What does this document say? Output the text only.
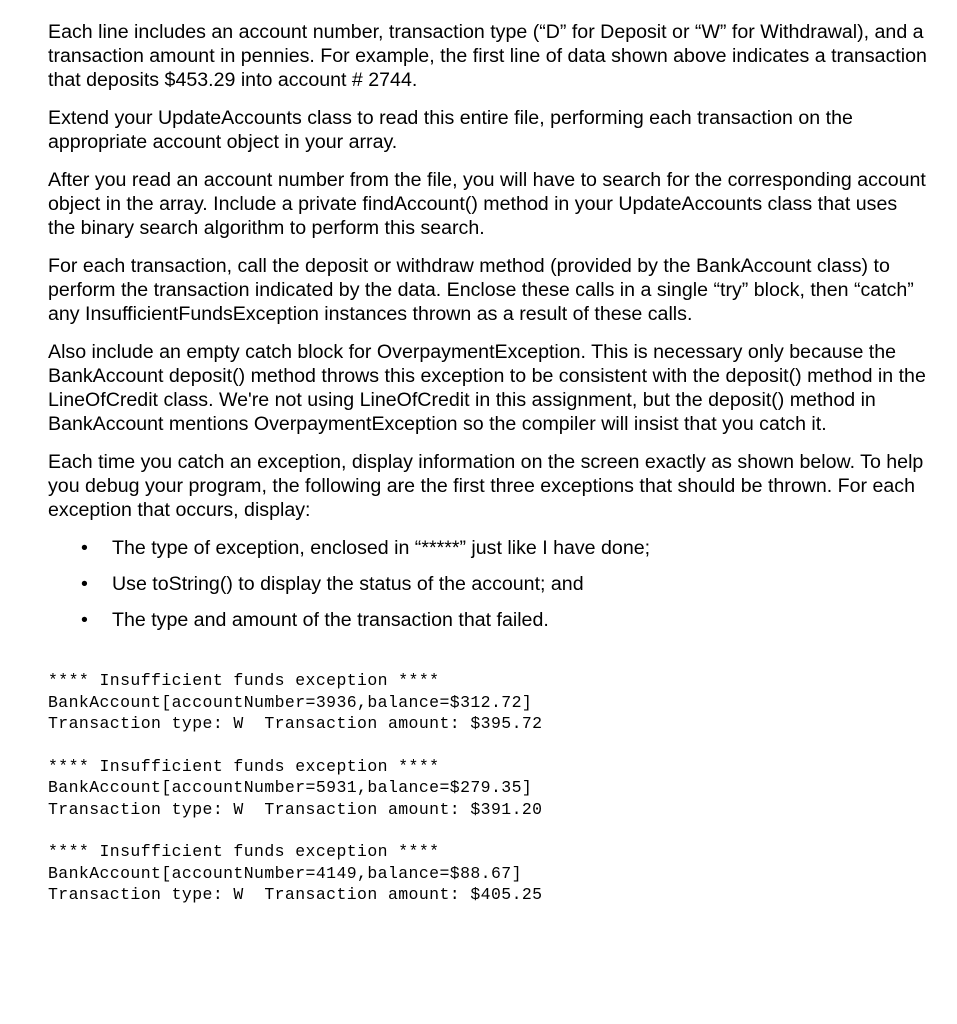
Each line includes an account number, transaction type (“D” for Deposit or “W” for Withdrawal), and a transaction amount in pennies. For example, the first line of data shown above indicates a transaction that deposits $453.29 into account # 2744.

Extend your UpdateAccounts class to read this entire file, performing each transaction on the appropriate account object in your array.

After you read an account number from the file, you will have to search for the corresponding account object in the array. Include a private findAccount() method in your UpdateAccounts class that uses the binary search algorithm to perform this search.

For each transaction, call the deposit or withdraw method (provided by the BankAccount class) to perform the transaction indicated by the data. Enclose these calls in a single “try” block, then “catch” any InsufficientFundsException instances thrown as a result of these calls.

Also include an empty catch block for OverpaymentException. This is necessary only because the BankAccount deposit() method throws this exception to be consistent with the deposit() method in the LineOfCredit class. We're not using LineOfCredit in this assignment, but the deposit() method in BankAccount mentions OverpaymentException so the compiler will insist that you catch it.

Each time you catch an exception, display information on the screen exactly as shown below. To help you debug your program, the following are the first three exceptions that should be thrown. For each exception that occurs, display:

• The type of exception, enclosed in “*****” just like I have done;
• Use toString() to display the status of the account; and
• The type and amount of the transaction that failed.
**** Insufficient funds exception ****
BankAccount[accountNumber=3936,balance=$312.72]
Transaction type: W  Transaction amount: $395.72
**** Insufficient funds exception ****
BankAccount[accountNumber=5931,balance=$279.35]
Transaction type: W  Transaction amount: $391.20
**** Insufficient funds exception ****
BankAccount[accountNumber=4149,balance=$88.67]
Transaction type: W  Transaction amount: $405.25
